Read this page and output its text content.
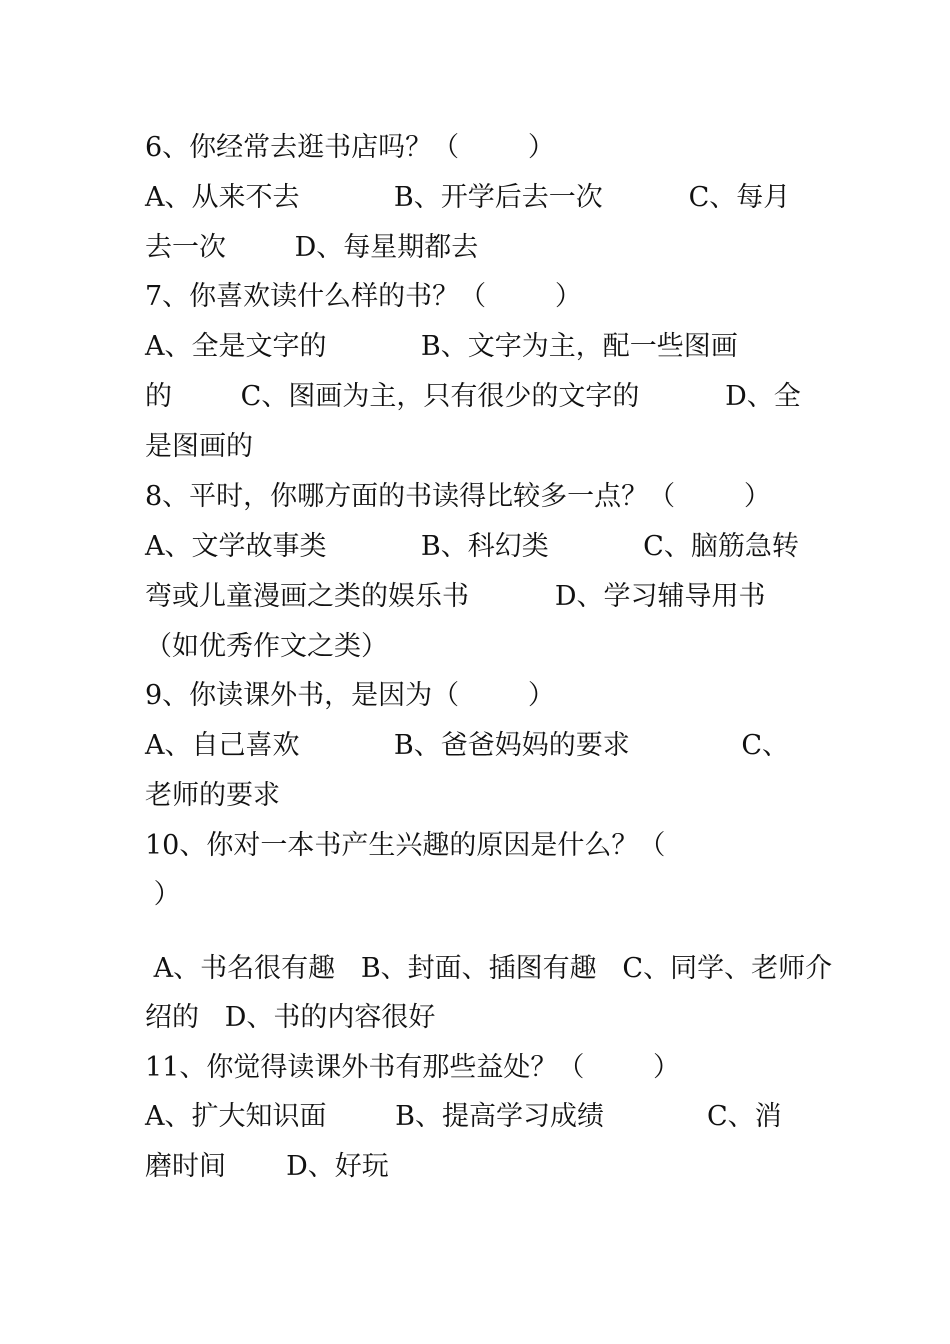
6、你经常去逛书店吗？（        ）

A、从来不去           B、开学后去一次          C、每月

去一次        D、每星期都去

7、你喜欢读什么样的书？（        ）

A、全是文字的           B、文字为主，配一些图画

的        C、图画为主，只有很少的文字的          D、全

是图画的

8、平时，你哪方面的书读得比较多一点？（        ）

A、文学故事类           B、科幻类           C、脑筋急转

弯或儿童漫画之类的娱乐书          D、学习辅导用书

（如优秀作文之类）

9、你读课外书，是因为（        ）

A、自己喜欢           B、爸爸妈妈的要求             C、

老师的要求

10、你对一本书产生兴趣的原因是什么？（

）

A、书名很有趣   B、封面、插图有趣   C、同学、老师介

绍的   D、书的内容很好

11、你觉得读课外书有那些益处？（        ）

A、扩大知识面        B、提高学习成绩            C、消

磨时间       D、好玩
